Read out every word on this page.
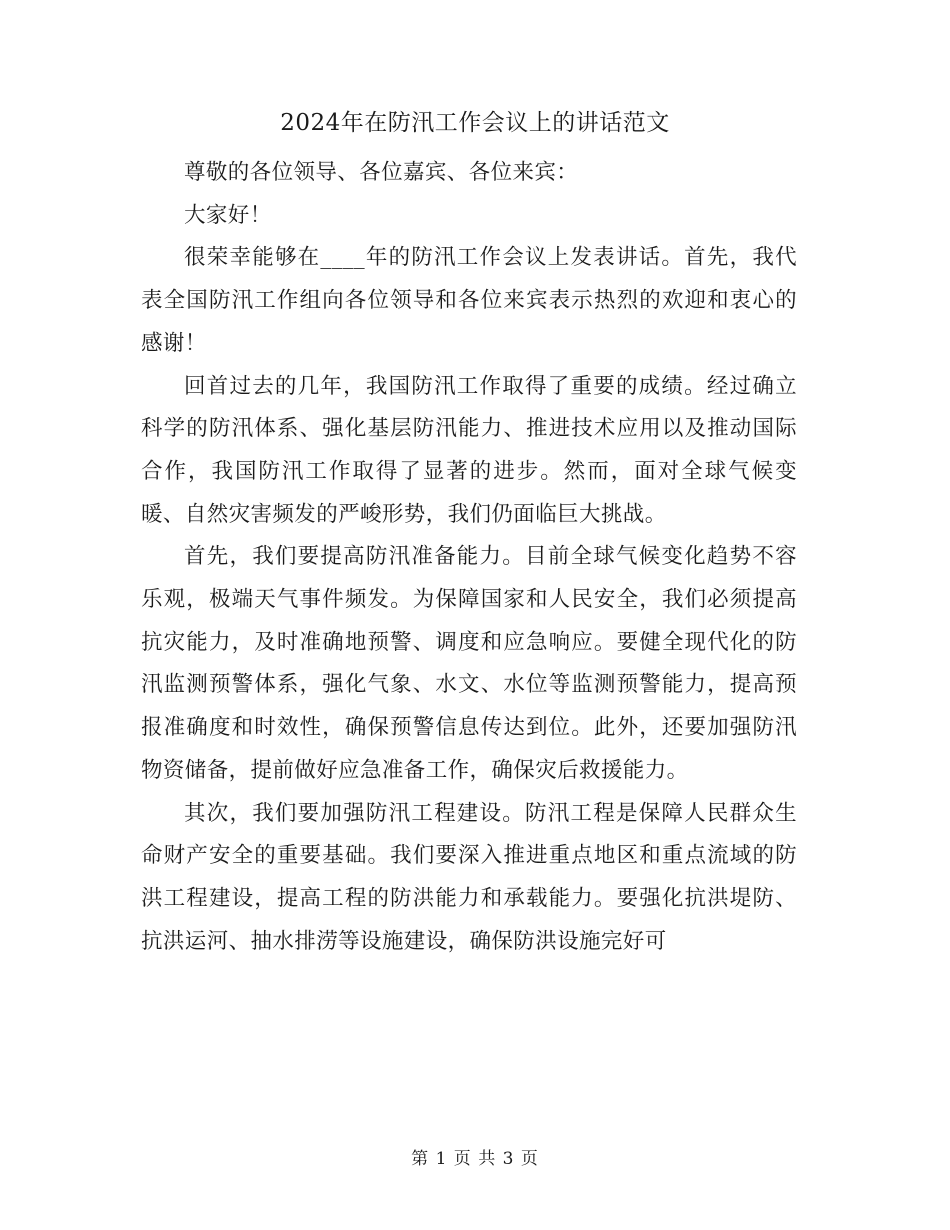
2024年在防汛工作会议上的讲话范文

尊敬的各位领导、各位嘉宾、各位来宾：

大家好！

很荣幸能够在____年的防汛工作会议上发表讲话。首先，我代表全国防汛工作组向各位领导和各位来宾表示热烈的欢迎和衷心的感谢！

回首过去的几年，我国防汛工作取得了重要的成绩。经过确立科学的防汛体系、强化基层防汛能力、推进技术应用以及推动国际合作，我国防汛工作取得了显著的进步。然而，面对全球气候变暖、自然灾害频发的严峻形势，我们仍面临巨大挑战。

首先，我们要提高防汛准备能力。目前全球气候变化趋势不容乐观，极端天气事件频发。为保障国家和人民安全，我们必须提高抗灾能力，及时准确地预警、调度和应急响应。要健全现代化的防汛监测预警体系，强化气象、水文、水位等监测预警能力，提高预报准确度和时效性，确保预警信息传达到位。此外，还要加强防汛物资储备，提前做好应急准备工作，确保灾后救援能力。

其次，我们要加强防汛工程建设。防汛工程是保障人民群众生命财产安全的重要基础。我们要深入推进重点地区和重点流域的防洪工程建设，提高工程的防洪能力和承载能力。要强化抗洪堤防、抗洪运河、抽水排涝等设施建设，确保防洪设施完好可

第 1 页 共 3 页
